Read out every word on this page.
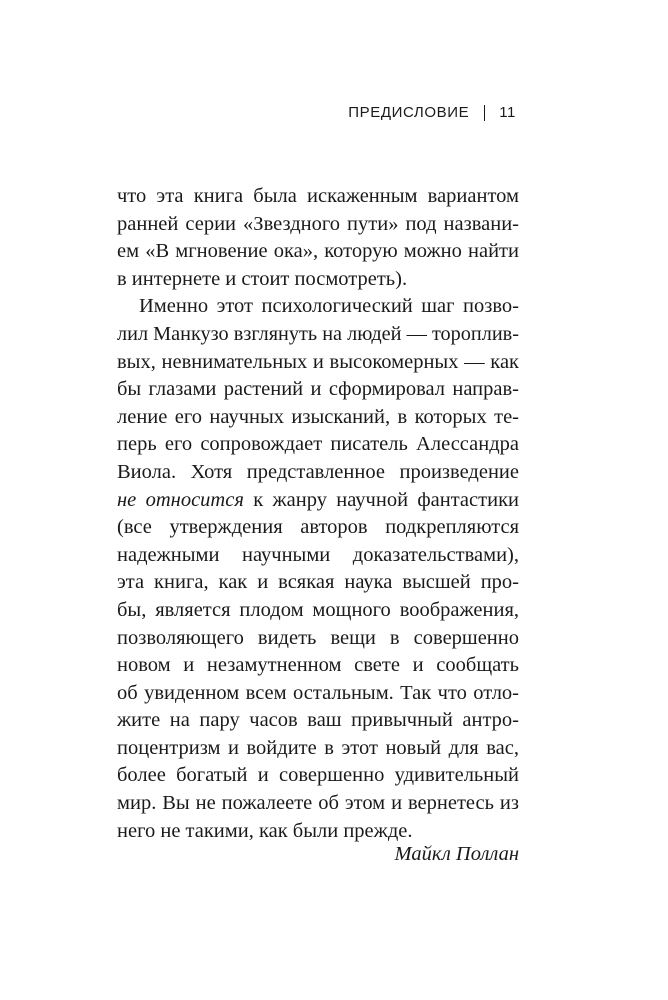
ПРЕДИСЛОВИЕ 11
что эта книга была искаженным вариантом
ранней серии «Звездного пути» под названи-
ем «В мгновение ока», которую можно найти
в интернете и стоит посмотреть).
Именно этот психологический шаг позво-
лил Манкузо взглянуть на людей — тороплив-
вых, невнимательных и высокомерных — как
бы глазами растений и сформировал направ-
ление его научных изысканий, в которых те-
перь его сопровождает писатель Алессандра
Виола. Хотя представленное произведение
не относится к жанру научной фантастики
(все утверждения авторов подкрепляются
надежными научными доказательствами),
эта книга, как и всякая наука высшей про-
бы, является плодом мощного воображения,
позволяющего видеть вещи в совершенно
новом и незамутненном свете и сообщать
об увиденном всем остальным. Так что отло-
жите на пару часов ваш привычный антро-
поцентризм и войдите в этот новый для вас,
более богатый и совершенно удивительный
мир. Вы не пожалеете об этом и вернетесь из
него не такими, как были прежде.
Майкл Поллан
